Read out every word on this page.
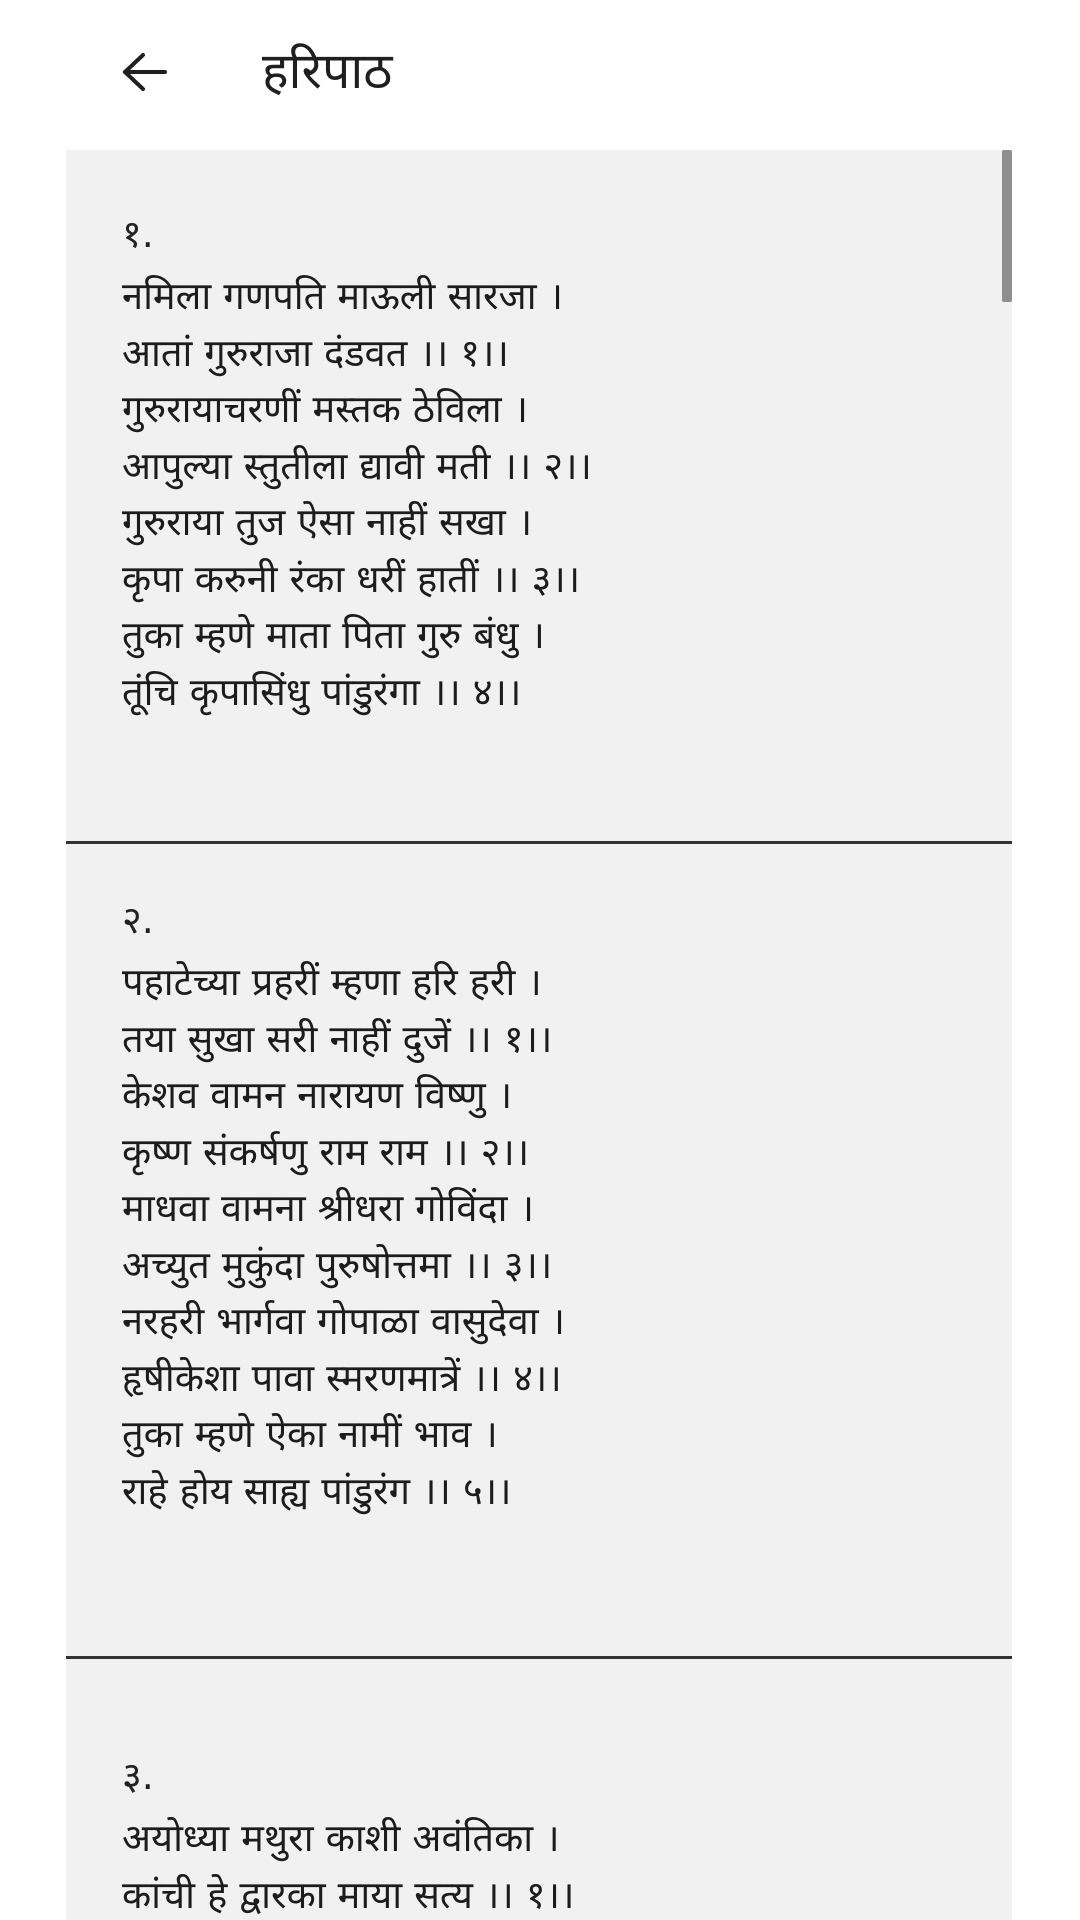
हरिपाठ
१.
नमिला गणपति माऊली सारजा ।
आतां गुरुराजा दंडवत ।। १।।
गुरुरायाचरणीं मस्तक ठेविला ।
आपुल्या स्तुतीला द्यावी मती ।। २।।
गुरुराया तुज ऐसा नाहीं सखा ।
कृपा करुनी रंका धरीं हातीं ।। ३।।
तुका म्हणे माता पिता गुरु बंधु ।
तूंचि कृपासिंधु पांडुरंगा ।। ४।।
२.
पहाटेच्या प्रहरीं म्हणा हरि हरी ।
तया सुखा सरी नाहीं दुजें ।। १।।
केशव वामन नारायण विष्णु ।
कृष्ण संकर्षणु राम राम ।। २।।
माधवा वामना श्रीधरा गोविंदा ।
अच्युत मुकुंदा पुरुषोत्तमा ।। ३।।
नरहरी भार्गवा गोपाळा वासुदेवा ।
हृषीकेशा पावा स्मरणमात्रें ।। ४।।
तुका म्हणे ऐका नामीं भाव ।
राहे होय साह्य पांडुरंग ।। ५।।
३.
अयोध्या मथुरा काशी अवंतिका ।
कांची हे द्वारका माया सत्य ।। १।।
